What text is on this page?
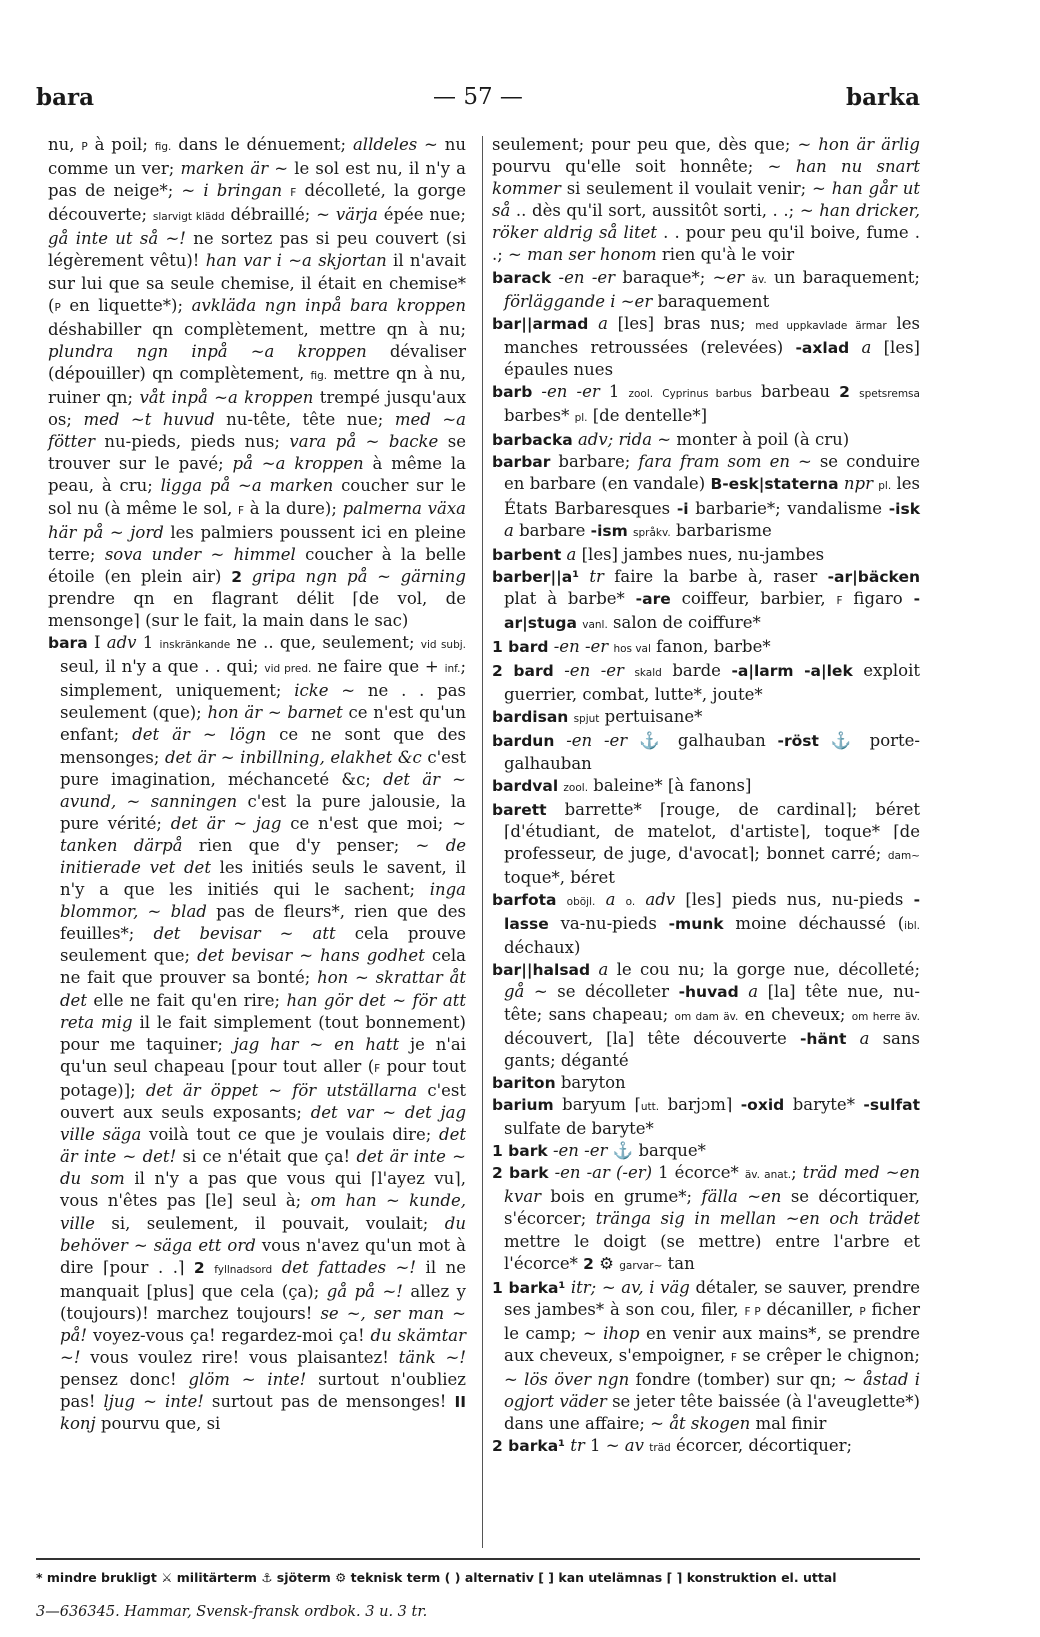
bara	— 57 —	barka

nu, P à poil; fig. dans le dénuement; alldeles ~ nu comme un ver; marken är ~ le sol est nu, il n'y a pas de neige*; ~ i bringan F décolleté, la gorge découverte; slarvigt klädd débraillé; ~ värja épée nue; gå inte ut så ~! ne sortez pas si peu couvert (si légèrement vêtu)! han var i ~a skjortan il n'avait sur lui que sa seule chemise, il était en chemise* (P en liquette*); avkläda ngn inpå bara kroppen déshabiller qn complètement, mettre qn à nu; plundra ngn inpå ~a kroppen dévaliser (dépouiller) qn complètement, fig. mettre qn à nu, ruiner qn; våt inpå ~a kroppen trempé jusqu'aux os; med ~t huvud nu-tête, tête nue; med ~a fötter nu-pieds, pieds nus; vara på ~ backe se trouver sur le pavé; på ~a kroppen à même la peau, à cru; ligga på ~a marken coucher sur le sol nu (à même le sol, F à la dure); palmerna växa här på ~ jord les palmiers poussent ici en pleine terre; sova under ~ himmel coucher à la belle étoile (en plein air) 2 gripa ngn på ~ gärning prendre qn en flagrant délit ⌈de vol, de mensonge⌉ (sur le fait, la main dans le sac)

bara I adv 1 inskränkande ne .. que, seulement; vid subj. seul, il n'y a que . . qui; vid pred. ne faire que + inf.; simplement, uniquement; icke ~ ne . . pas seulement (que); hon är ~ barnet ce n'est qu'un enfant; det är ~ lögn ce ne sont que des mensonges; det är ~ inbillning, elakhet &c c'est pure imagination, méchanceté &c; det är ~ avund, ~ sanningen c'est la pure jalousie, la pure vérité; det är ~ jag ce n'est que moi; ~ tanken därpå rien que d'y penser; ~ de initierade vet det les initiés seuls le savent, il n'y a que les initiés qui le sachent; inga blommor, ~ blad pas de fleurs*, rien que des feuilles*; det bevisar ~ att cela prouve seulement que; det bevisar ~ hans godhet cela ne fait que prouver sa bonté; hon ~ skrattar åt det elle ne fait qu'en rire; han gör det ~ för att reta mig il le fait simplement (tout bonnement) pour me taquiner; jag har ~ en hatt je n'ai qu'un seul chapeau [pour tout aller (F pour tout potage)]; det är öppet ~ för utställarna c'est ouvert aux seuls exposants; det var ~ det jag ville säga voilà tout ce que je voulais dire; det är inte ~ det! si ce n'était que ça! det är inte ~ du som il n'y a pas que vous qui ⌈l'ayez vu⌉, vous n'êtes pas [le] seul à; om han ~ kunde, ville si, seulement, il pouvait, voulait; du behöver ~ säga ett ord vous n'avez qu'un mot à dire ⌈pour . .⌉ 2 fyllnadsord det fattades ~! il ne manquait [plus] que cela (ça); gå på ~! allez y (toujours)! marchez toujours! se ~, ser man ~ på! voyez-vous ça! regardez-moi ça! du skämtar ~! vous voulez rire! vous plaisantez! tänk ~! pensez donc! glöm ~ inte! surtout n'oubliez pas! ljug ~ inte! surtout pas de mensonges! II konj pourvu que, si

seulement; pour peu que, dès que; ~ hon är ärlig pourvu qu'elle soit honnête; ~ han nu snart kommer si seulement il voulait venir; ~ han går ut så .. dès qu'il sort, aussitôt sorti, . .; ~ han dricker, röker aldrig så litet . . pour peu qu'il boive, fume . .; ~ man ser honom rien qu'à le voir

barack -en -er baraque*; ~er äv. un baraquement; förläggande i ~er baraquement

bar||armad a [les] bras nus; med uppkavlade ärmar les manches retroussées (relevées) -axlad a [les] épaules nues

barb -en -er 1 zool. Cyprinus barbus barbeau 2 spetsremsa barbes* pl. [de dentelle*]

barbacka adv; rida ~ monter à poil (à cru)

barbar barbare; fara fram som en ~ se conduire en barbare (en vandale) B-esk|staterna npr pl. les États Barbaresques -i barbarie*; vandalisme -isk a barbare -ism språkv. barbarisme

barbent a [les] jambes nues, nu-jambes

barber||a¹ tr faire la barbe à, raser -ar|bäcken plat à barbe* -are coiffeur, barbier, F figaro -ar|stuga vanl. salon de coiffure*

1 bard -en -er hos val fanon, barbe*

2 bard -en -er skald barde -a|larm -a|lek exploit guerrier, combat, lutte*, joute*

bardisan spjut pertuisane*

bardun -en -er ⚓ galhauban -röst ⚓ porte-galhauban

bardval zool. baleine* [à fanons]

barett barrette* ⌈rouge, de cardinal⌉; béret ⌈d'étudiant, de matelot, d'artiste⌉, toque* ⌈de professeur, de juge, d'avocat⌉; bonnet carré; dam~ toque*, béret

barfota oböjl. a o. adv [les] pieds nus, nu-pieds -lasse va-nu-pieds -munk moine déchaussé (ibl. déchaux)

bar||halsad a le cou nu; la gorge nue, décolleté; gå ~ se décolleter -huvad a [la] tête nue, nu-tête; sans chapeau; om dam äv. en cheveux; om herre äv. découvert, [la] tête découverte -hänt a sans gants; déganté

bariton baryton

barium baryum ⌈utt. barjɔm⌉ -oxid baryte* -sulfat sulfate de baryte*

1 bark -en -er ⚓ barque*

2 bark -en -ar (-er) 1 écorce* äv. anat.; träd med ~en kvar bois en grume*; fälla ~en se décortiquer, s'écorcer; tränga sig in mellan ~en och trädet mettre le doigt (se mettre) entre l'arbre et l'écorce* 2 ⚙ garvar~ tan

1 barka¹ itr; ~ av, i väg détaler, se sauver, prendre ses jambes* à son cou, filer, F P décaniller, P ficher le camp; ~ ihop en venir aux mains*, se prendre aux cheveux, s'empoigner, F se crêper le chignon; ~ lös över ngn fondre (tomber) sur qn; ~ åstad i ogjort väder se jeter tête baissée (à l'aveuglette*) dans une affaire; ~ åt skogen mal finir

2 barka¹ tr 1 ~ av träd écorcer, décortiquer;

* mindre brukligt ⚔ militärterm ⚓ sjöterm ⚙ teknisk term ( ) alternativ [ ] kan utelämnas ⌈ ⌉ konstruktion el. uttal
3—636345. Hammar, Svensk-fransk ordbok. 3 u. 3 tr.
